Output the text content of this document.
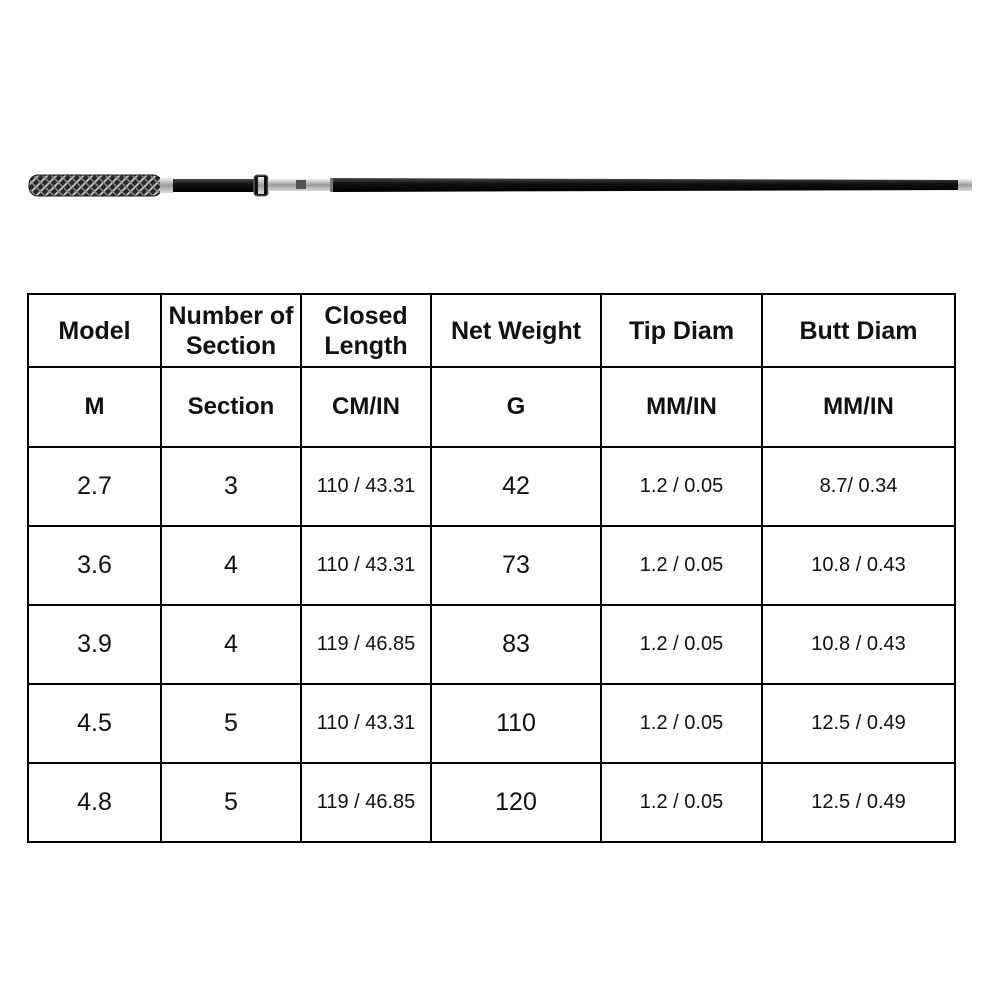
Model	Number of Section	Closed Length	Net Weight	Tip Diam	Butt Diam
M	Section	CM/IN	G	MM/IN	MM/IN
2.7	3	110 / 43.31	42	1.2 / 0.05	8.7/ 0.34
3.6	4	110 / 43.31	73	1.2 / 0.05	10.8 / 0.43
3.9	4	119 / 46.85	83	1.2 / 0.05	10.8 / 0.43
4.5	5	110 / 43.31	110	1.2 / 0.05	12.5 / 0.49
4.8	5	119 / 46.85	120	1.2 / 0.05	12.5 / 0.49
